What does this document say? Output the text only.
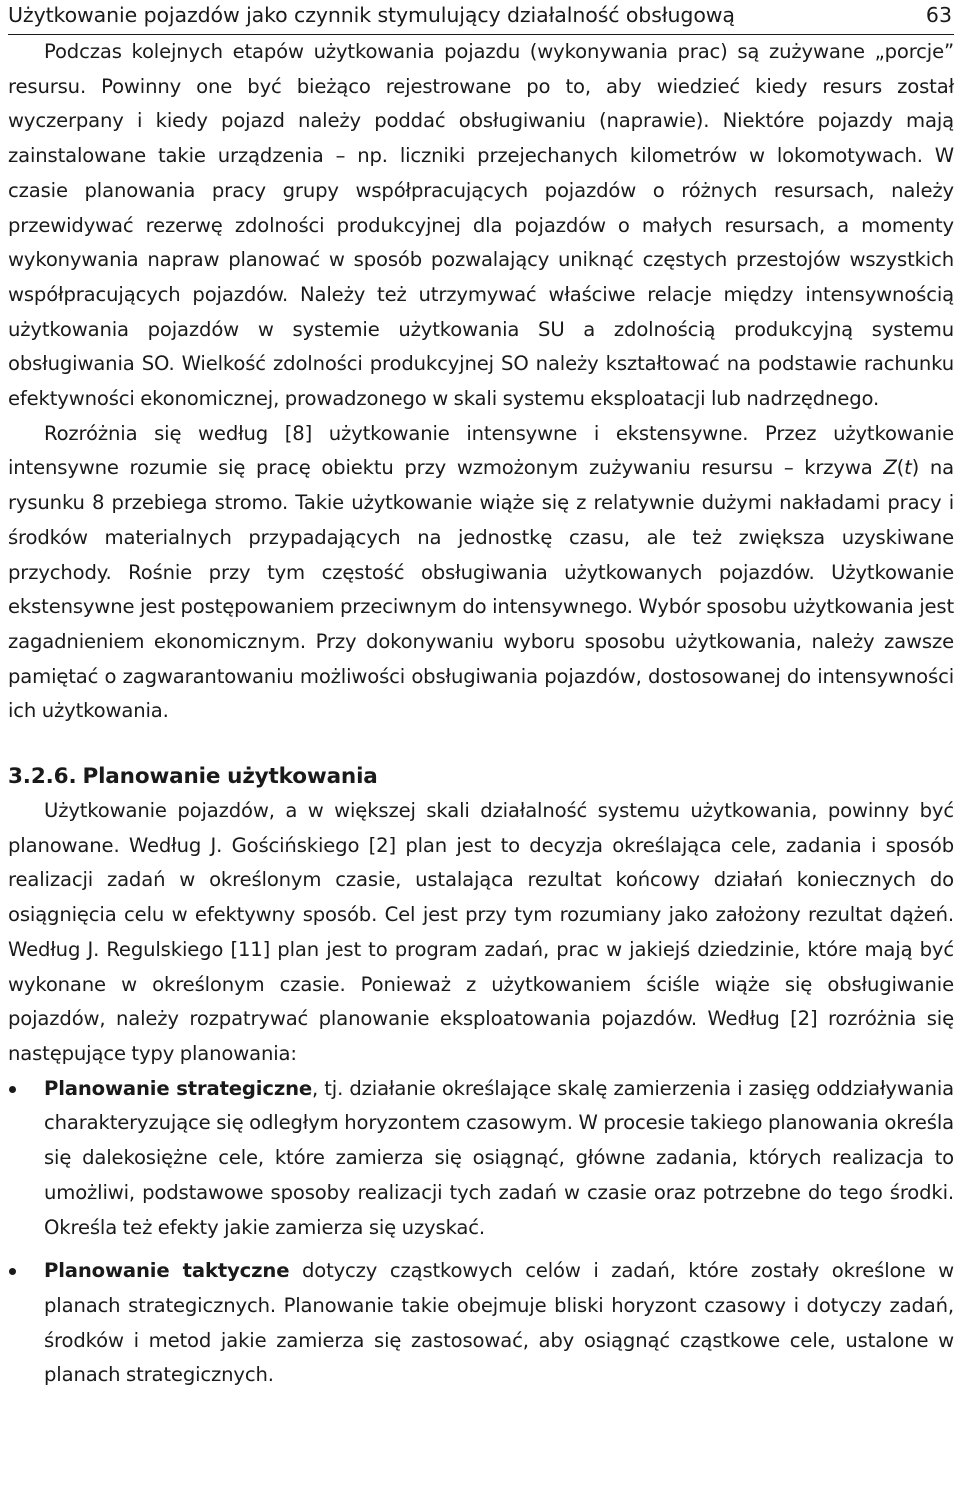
Użytkowanie pojazdów jako czynnik stymulujący działalność obsługową	63

Podczas kolejnych etapów użytkowania pojazdu (wykonywania prac) są zużywane „porcje” resursu. Powinny one być bieżąco rejestrowane po to, aby wiedzieć kiedy resurs został wyczerpany i kiedy pojazd należy poddać obsługiwaniu (naprawie). Niektóre pojazdy mają zainstalowane takie urządzenia – np. liczniki przejechanych kilometrów w lokomotywach. W czasie planowania pracy grupy współpracujących pojazdów o różnych resursach, należy przewidywać rezerwę zdolności produkcyjnej dla pojazdów o małych resursach, a momenty wykonywania napraw planować w sposób pozwalający uniknąć częstych przestojów wszystkich współpracujących pojazdów. Należy też utrzymywać właściwe relacje między intensywnością użytkowania pojazdów w systemie użytkowania SU a zdolnością produkcyjną systemu obsługiwania SO. Wielkość zdolności produkcyjnej SO należy kształtować na podstawie rachunku efektywności ekonomicznej, prowadzonego w skali systemu eksploatacji lub nadrzędnego.

Rozróżnia się według [8] użytkowanie intensywne i ekstensywne. Przez użytkowanie intensywne rozumie się pracę obiektu przy wzmożonym zużywaniu resursu – krzywa Z(t) na rysunku 8 przebiega stromo. Takie użytkowanie wiąże się z relatywnie dużymi nakładami pracy i środków materialnych przypadających na jednostkę czasu, ale też zwiększa uzyskiwane przychody. Rośnie przy tym częstość obsługiwania użytkowanych pojazdów. Użytkowanie ekstensywne jest postępowaniem przeciwnym do intensywnego. Wybór sposobu użytkowania jest zagadnieniem ekonomicznym. Przy dokonywaniu wyboru sposobu użytkowania, należy zawsze pamiętać o zagwarantowaniu możliwości obsługiwania pojazdów, dostosowanej do intensywności ich użytkowania.

3.2.6. Planowanie użytkowania

Użytkowanie pojazdów, a w większej skali działalność systemu użytkowania, powinny być planowane. Według J. Gościńskiego [2] plan jest to decyzja określająca cele, zadania i sposób realizacji zadań w określonym czasie, ustalająca rezultat końcowy działań koniecznych do osiągnięcia celu w efektywny sposób. Cel jest przy tym rozumiany jako założony rezultat dążeń. Według J. Regulskiego [11] plan jest to program zadań, prac w jakiejś dziedzinie, które mają być wykonane w określonym czasie. Ponieważ z użytkowaniem ściśle wiąże się obsługiwanie pojazdów, należy rozpatrywać planowanie eksploatowania pojazdów. Według [2] rozróżnia się następujące typy planowania:

Planowanie strategiczne, tj. działanie określające skalę zamierzenia i zasięg oddziaływania charakteryzujące się odległym horyzontem czasowym. W procesie takiego planowania określa się dalekosiężne cele, które zamierza się osiągnąć, główne zadania, których realizacja to umożliwi, podstawowe sposoby realizacji tych zadań w czasie oraz potrzebne do tego środki. Określa też efekty jakie zamierza się uzyskać.
Planowanie taktyczne dotyczy cząstkowych celów i zadań, które zostały określone w planach strategicznych. Planowanie takie obejmuje bliski horyzont czasowy i dotyczy zadań, środków i metod jakie zamierza się zastosować, aby osiągnąć cząstkowe cele, ustalone w planach strategicznych.
